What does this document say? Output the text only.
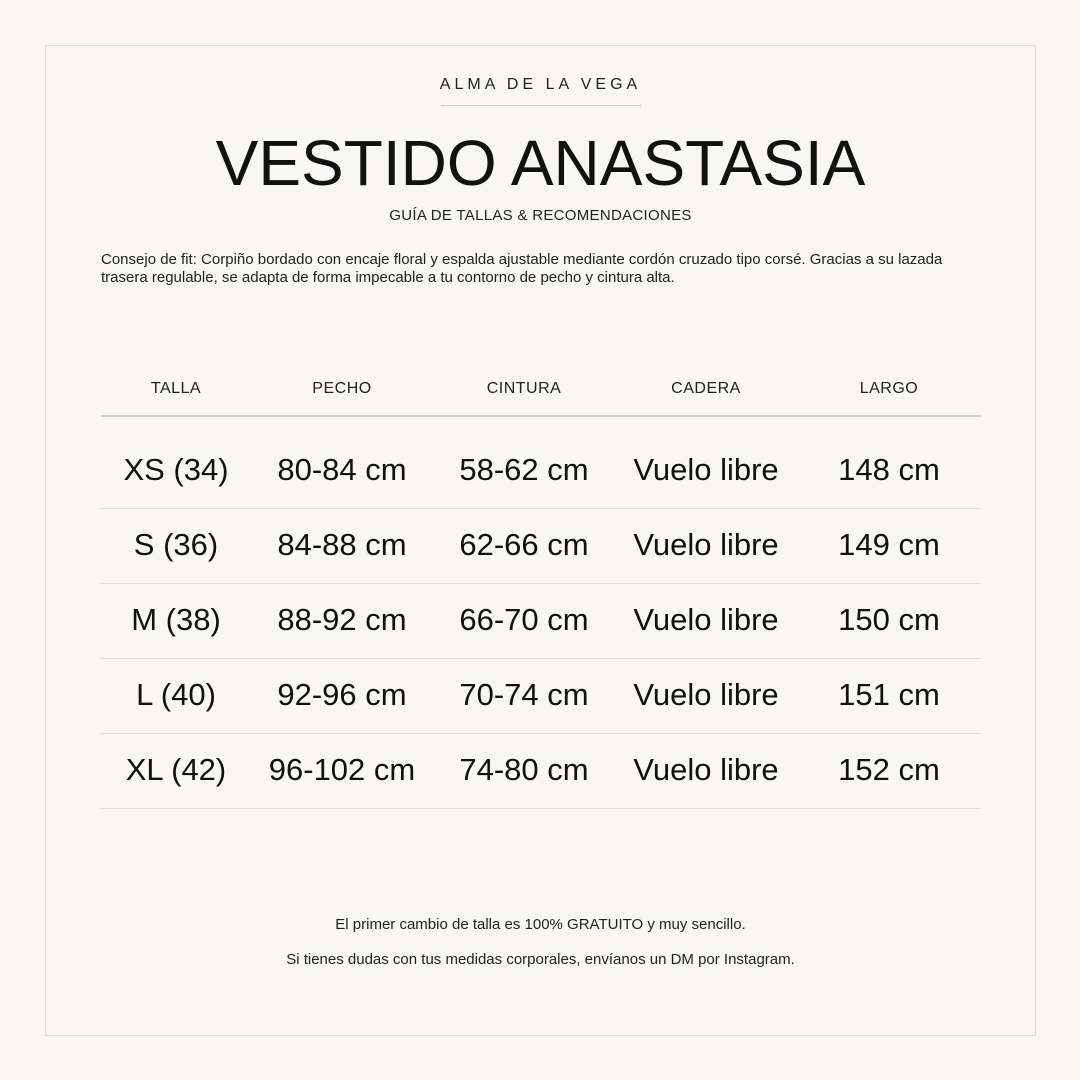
ALMA DE LA VEGA
VESTIDO ANASTASIA
GUÍA DE TALLAS & RECOMENDACIONES

Consejo de fit: Corpiño bordado con encaje floral y espalda ajustable mediante cordón cruzado tipo corsé. Gracias a su lazada trasera regulable, se adapta de forma impecable a tu contorno de pecho y cintura alta.

TALLA	PECHO	CINTURA	CADERA	LARGO
XS (34)	80-84 cm	58-62 cm	Vuelo libre	148 cm
S (36)	84-88 cm	62-66 cm	Vuelo libre	149 cm
M (38)	88-92 cm	66-70 cm	Vuelo libre	150 cm
L (40)	92-96 cm	70-74 cm	Vuelo libre	151 cm
XL (42)	96-102 cm	74-80 cm	Vuelo libre	152 cm

El primer cambio de talla es 100% GRATUITO y muy sencillo.

Si tienes dudas con tus medidas corporales, envíanos un DM por Instagram.
